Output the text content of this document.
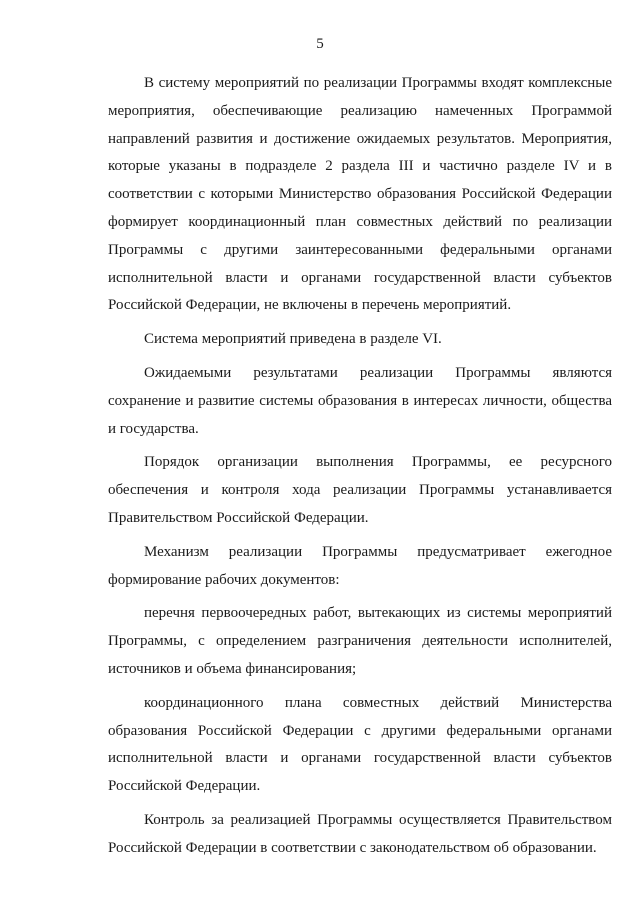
5

В систему мероприятий по реализации Программы входят комплексные мероприятия, обеспечивающие реализацию намеченных Программой направлений развития и достижение ожидаемых результатов. Мероприятия, которые указаны в подразделе 2 раздела III и частично разделе IV и в соответствии с которыми Министерство образования Российской Федерации формирует координационный план совместных действий по реализации Программы с другими заинтересованными федеральными органами исполнительной власти и органами государственной власти субъектов Российской Федерации, не включены в перечень мероприятий.

Система мероприятий приведена в разделе VI.

Ожидаемыми результатами реализации Программы являются сохранение и развитие системы образования в интересах личности, общества и государства.

Порядок организации выполнения Программы, ее ресурсного обеспечения и контроля хода реализации Программы устанавливается Правительством Российской Федерации.

Механизм реализации Программы предусматривает ежегодное формирование рабочих документов:

перечня первоочередных работ, вытекающих из системы мероприятий Программы, с определением разграничения деятельности исполнителей, источников и объема финансирования;

координационного плана совместных действий Министерства образования Российской Федерации с другими федеральными органами исполнительной власти и органами государственной власти субъектов Российской Федерации.

Контроль за реализацией Программы осуществляется Правительством Российской Федерации в соответствии с законодательством об образовании.
